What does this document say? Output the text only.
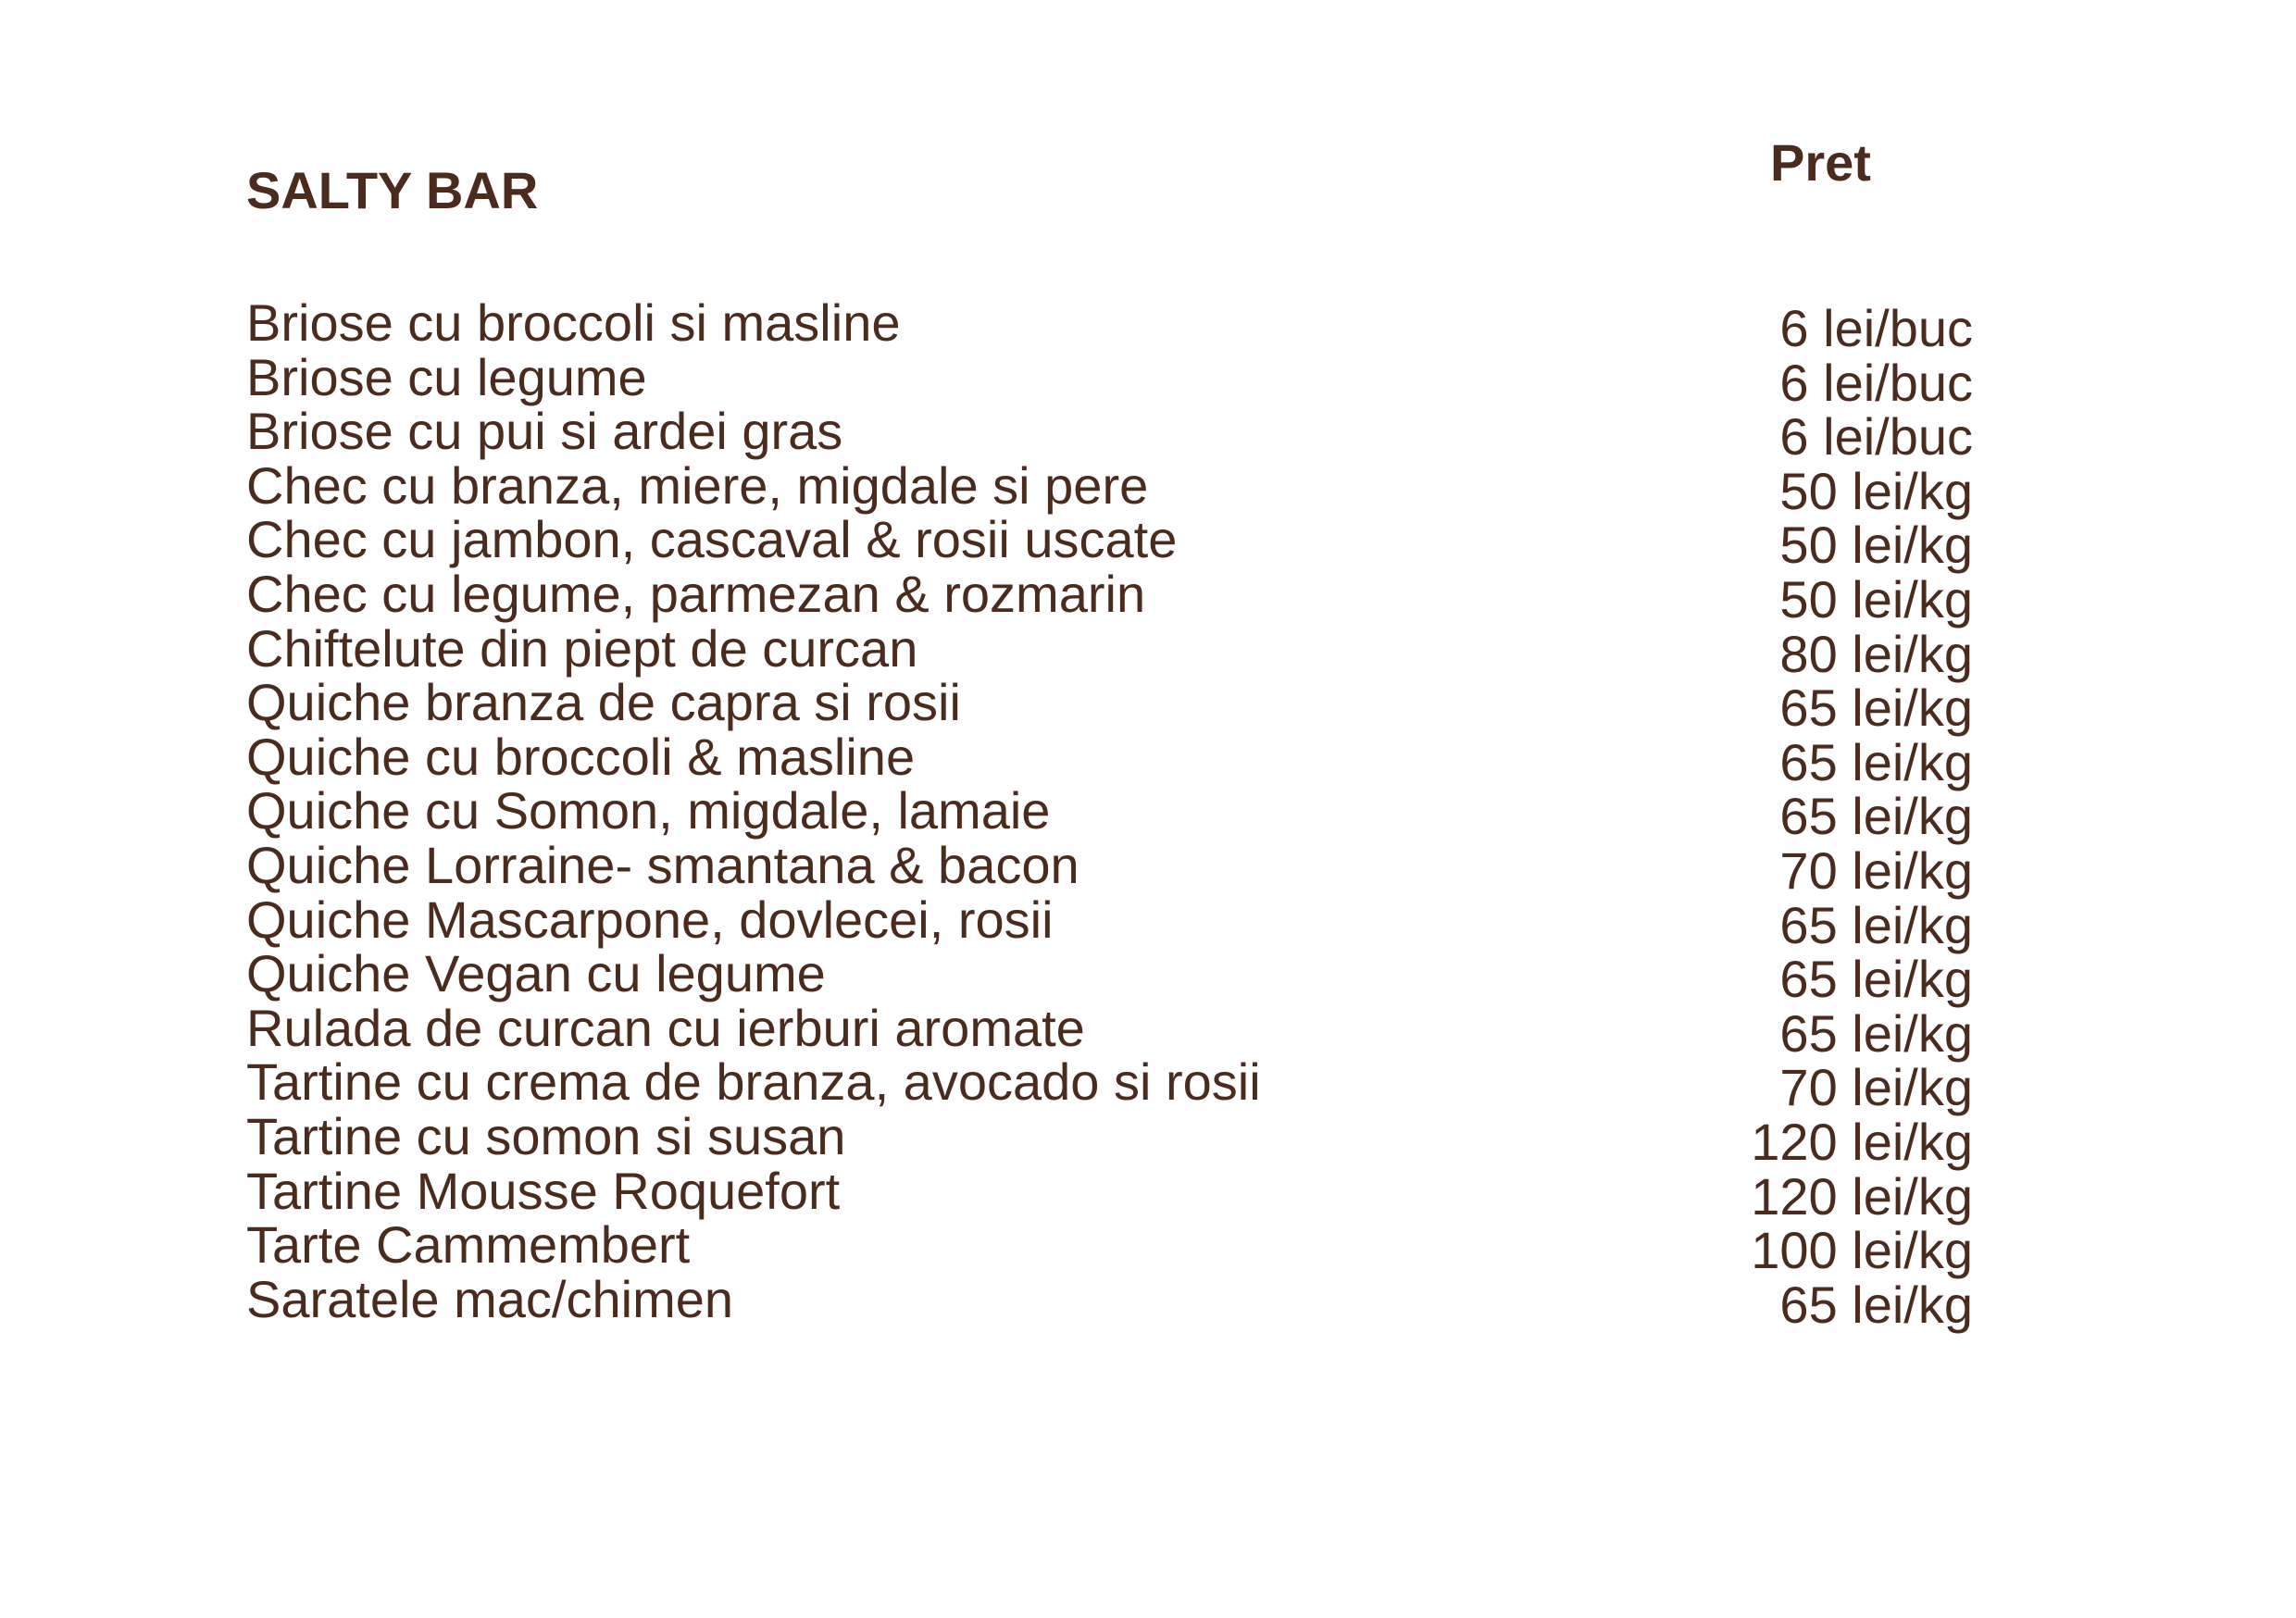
SALTY BAR	Pret
Briose cu broccoli si masline	6 lei/buc
Briose cu legume	6 lei/buc
Briose cu pui si ardei gras	6 lei/buc
Chec cu branza, miere, migdale si pere	50 lei/kg
Chec cu jambon, cascaval & rosii uscate	50 lei/kg
Chec cu legume, parmezan & rozmarin	50 lei/kg
Chiftelute din piept de curcan	80 lei/kg
Quiche branza de capra si rosii	65 lei/kg
Quiche cu broccoli & masline	65 lei/kg
Quiche cu Somon, migdale, lamaie	65 lei/kg
Quiche Lorraine- smantana & bacon	70 lei/kg
Quiche Mascarpone, dovlecei, rosii	65 lei/kg
Quiche Vegan cu legume	65 lei/kg
Rulada de curcan cu ierburi aromate	65 lei/kg
Tartine cu crema de branza, avocado si rosii	70 lei/kg
Tartine cu somon si susan	120 lei/kg
Tartine Mousse Roquefort	120 lei/kg
Tarte Cammembert	100 lei/kg
Saratele mac/chimen	65 lei/kg
